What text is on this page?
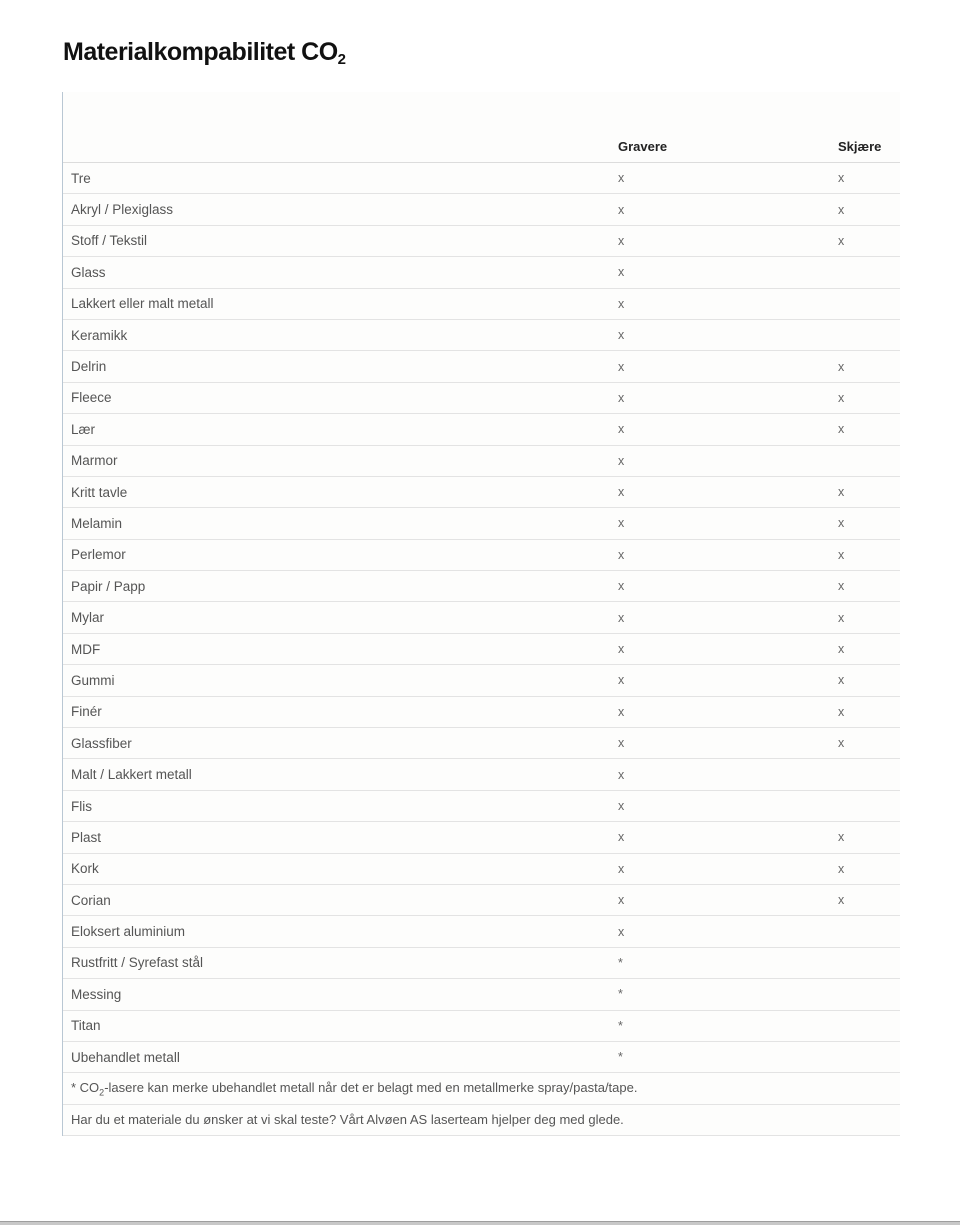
Materialkompabilitet $CO_2$
	Gravere	Skjære
Tre	x	x
Akryl / Plexiglass	x	x
Stoff / Tekstil	x	x
Glass	x	
Lakkert eller malt metall	x	
Keramikk	x	
Delrin	x	x
Fleece	x	x
Lær	x	x
Marmor	x	
Kritt tavle	x	x
Melamin	x	x
Perlemor	x	x
Papir / Papp	x	x
Mylar	x	x
MDF	x	x
Gummi	x	x
Finér	x	x
Glassfiber	x	x
Malt / Lakkert metall	x	
Flis	x	
Plast	x	x
Kork	x	x
Corian	x	x
Eloksert aluminium	x	
Rustfritt / Syrefast stål	*	
Messing	*	
Titan	*	
Ubehandlet metall	*	
* $CO_2$-lasere kan merke ubehandlet metall når det er belagt med en metallmerke spray/pasta/tape.		
Har du et materiale du ønsker at vi skal teste? Vårt Alvøen AS laserteam hjelper deg med glede.		
